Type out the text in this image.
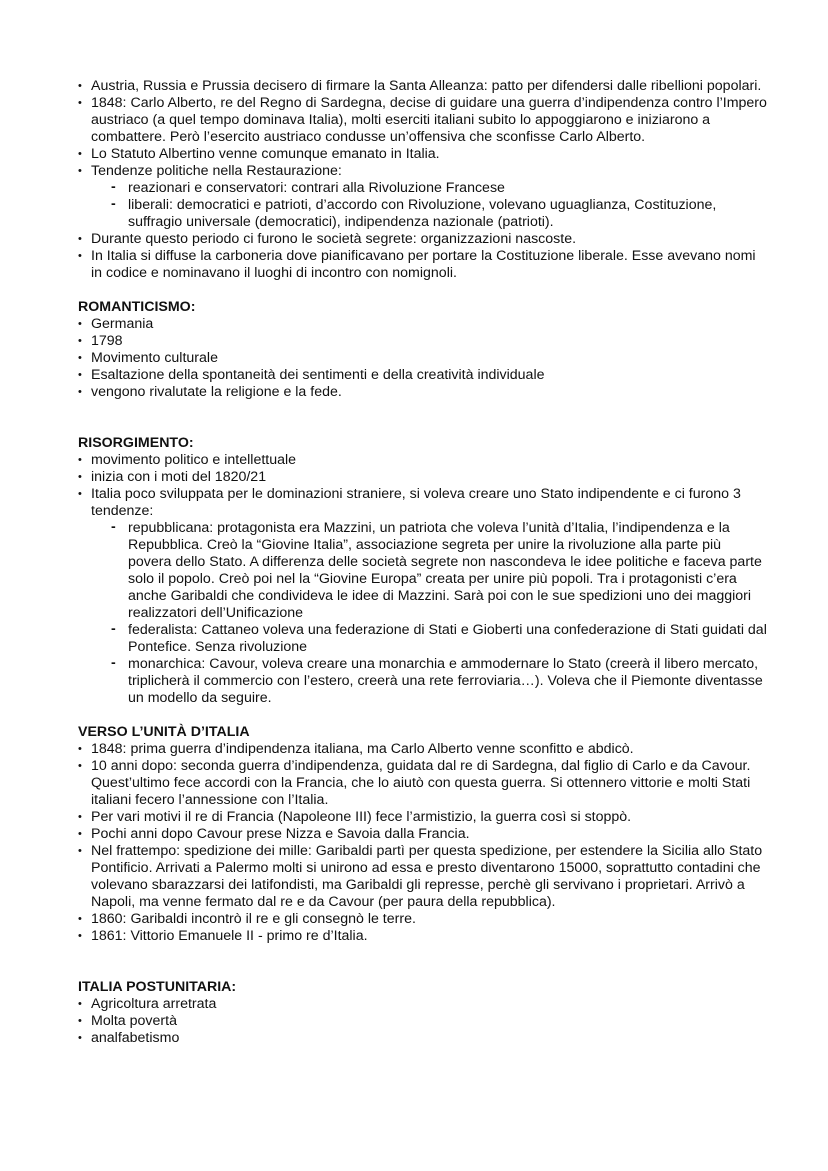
• Austria, Russia e Prussia decisero di firmare la Santa Alleanza: patto per difendersi dalle ribellioni popolari.
• 1848: Carlo Alberto, re del Regno di Sardegna, decise di guidare una guerra d’indipendenza contro l’Impero austriaco (a quel tempo dominava Italia), molti eserciti italiani subito lo appoggiarono e iniziarono a combattere. Però l’esercito austriaco condusse un’offensiva che sconfisse Carlo Alberto.
• Lo Statuto Albertino venne comunque emanato in Italia.
• Tendenze politiche nella Restaurazione:
- reazionari e conservatori: contrari alla Rivoluzione Francese
- liberali: democratici e patrioti, d’accordo con Rivoluzione, volevano uguaglianza, Costituzione, suffragio universale (democratici), indipendenza nazionale (patrioti).
• Durante questo periodo ci furono le società segrete: organizzazioni nascoste.
• In Italia si diffuse la carboneria dove pianificavano per portare la Costituzione liberale. Esse avevano nomi in codice e nominavano il luoghi di incontro con nomignoli.
ROMANTICISMO:
• Germania
• 1798
• Movimento culturale
• Esaltazione della spontaneità dei sentimenti e della creatività individuale
• vengono rivalutate la religione e la fede.
RISORGIMENTO:
• movimento politico e intellettuale
• inizia con i moti del 1820/21
• Italia poco sviluppata per le dominazioni straniere, si voleva creare uno Stato indipendente e ci furono 3 tendenze:
- repubblicana: protagonista era Mazzini, un patriota che voleva l’unità d’Italia, l’indipendenza e la Repubblica. Creò la “Giovine Italia”, associazione segreta per unire la rivoluzione alla parte più povera dello Stato. A differenza delle società segrete non nascondeva le idee politiche e faceva parte solo il popolo. Creò poi nel la “Giovine Europa” creata per unire più popoli. Tra i protagonisti c’era anche Garibaldi che condivideva le idee di Mazzini. Sarà poi con le sue spedizioni uno dei maggiori realizzatori dell’Unificazione
- federalista: Cattaneo voleva una federazione di Stati e Gioberti una confederazione di Stati guidati dal Pontefice. Senza rivoluzione
- monarchica: Cavour, voleva creare una monarchia e ammodernare lo Stato (creerà il libero mercato, triplicherà il commercio con l’estero, creerà una rete ferroviaria…). Voleva che il Piemonte diventasse un modello da seguire.
VERSO L’UNITÀ D’ITALIA
• 1848: prima guerra d’indipendenza italiana, ma Carlo Alberto venne sconfitto e abdicò.
• 10 anni dopo: seconda guerra d’indipendenza, guidata dal re di Sardegna, dal figlio di Carlo e da Cavour. Quest’ultimo fece accordi con la Francia, che lo aiutò con questa guerra. Si ottennero vittorie e molti Stati italiani fecero l’annessione con l’Italia.
• Per vari motivi il re di Francia (Napoleone III) fece l’armistizio, la guerra così si stoppò.
• Pochi anni dopo Cavour prese Nizza e Savoia dalla Francia.
• Nel frattempo: spedizione dei mille: Garibaldi partì per questa spedizione, per estendere la Sicilia allo Stato Pontificio. Arrivati a Palermo molti si unirono ad essa e presto diventarono 15000, soprattutto contadini che volevano sbarazzarsi dei latifondisti, ma Garibaldi gli represse, perchè gli servivano i proprietari. Arrivò a Napoli, ma venne fermato dal re e da Cavour (per paura della repubblica).
• 1860: Garibaldi incontrò il re e gli consegnò le terre.
• 1861: Vittorio Emanuele II - primo re d’Italia.
ITALIA POSTUNITARIA:
• Agricoltura arretrata
• Molta povertà
• analfabetismo
